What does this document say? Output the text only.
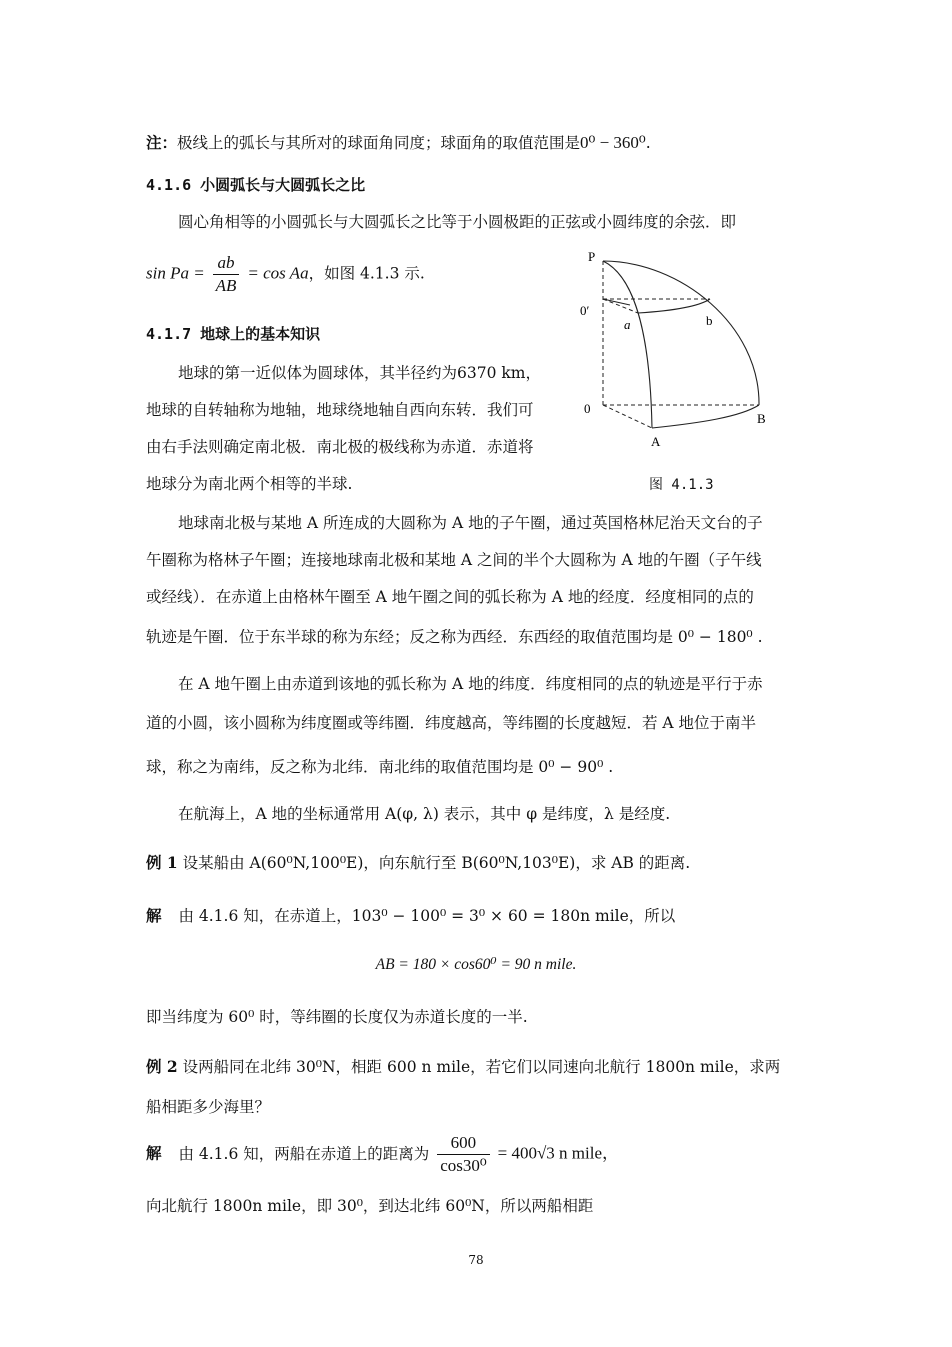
注：极线上的弧长与其所对的球面角同度；球面角的取值范围是0⁰ − 360⁰.
4.1.6 小圆弧长与大圆弧长之比
圆心角相等的小圆弧长与大圆弧长之比等于小圆极距的正弦或小圆纬度的余弦．即
$\sin Pa = \frac{ab}{AB} = \cos Aa$，如图 4.1.3 示.
4.1.7 地球上的基本知识
地球的第一近似体为圆球体，其半径约为6370 km，
地球的自转轴称为地轴，地球绕地轴自西向东转．我们可
由右手法则确定南北极．南北极的极线称为赤道．赤道将
地球分为南北两个相等的半球.
P
0′
a	b
0
B
A
图 4.1.3
地球南北极与某地 A 所连成的大圆称为 A 地的子午圈，通过英国格林尼治天文台的子
午圈称为格林子午圈；连接地球南北极和某地 A 之间的半个大圆称为 A 地的午圈（子午线
或经线）．在赤道上由格林午圈至 A 地午圈之间的弧长称为 A 地的经度．经度相同的点的
轨迹是午圈．位于东半球的称为东经；反之称为西经．东西经的取值范围均是 0⁰ − 180⁰ .
在 A 地午圈上由赤道到该地的弧长称为 A 地的纬度．纬度相同的点的轨迹是平行于赤
道的小圆，该小圆称为纬度圈或等纬圈．纬度越高，等纬圈的长度越短．若 A 地位于南半
球，称之为南纬，反之称为北纬．南北纬的取值范围均是 0⁰ − 90⁰ .
在航海上，A 地的坐标通常用 A(φ, λ) 表示，其中 φ 是纬度，λ 是经度.
例 1 设某船由 A(60⁰N,100⁰E)，向东航行至 B(60⁰N,103⁰E)，求 AB 的距离.
解 由 4.1.6 知，在赤道上，103⁰ − 100⁰ = 3⁰ × 60 = 180n mile，所以
AB = 180 × cos60⁰ = 90 n mile.
即当纬度为 60⁰ 时，等纬圈的长度仅为赤道长度的一半.
例 2 设两船同在北纬 30⁰N，相距 600 n mile，若它们以同速向北航行 1800n mile，求两
船相距多少海里？
解 由 4.1.6 知，两船在赤道上的距离为 $\frac{600}{\text{cos30⁰}} = 400√3$ n mile，
向北航行 1800n mile，即 30⁰，到达北纬 60⁰N，所以两船相距
78
